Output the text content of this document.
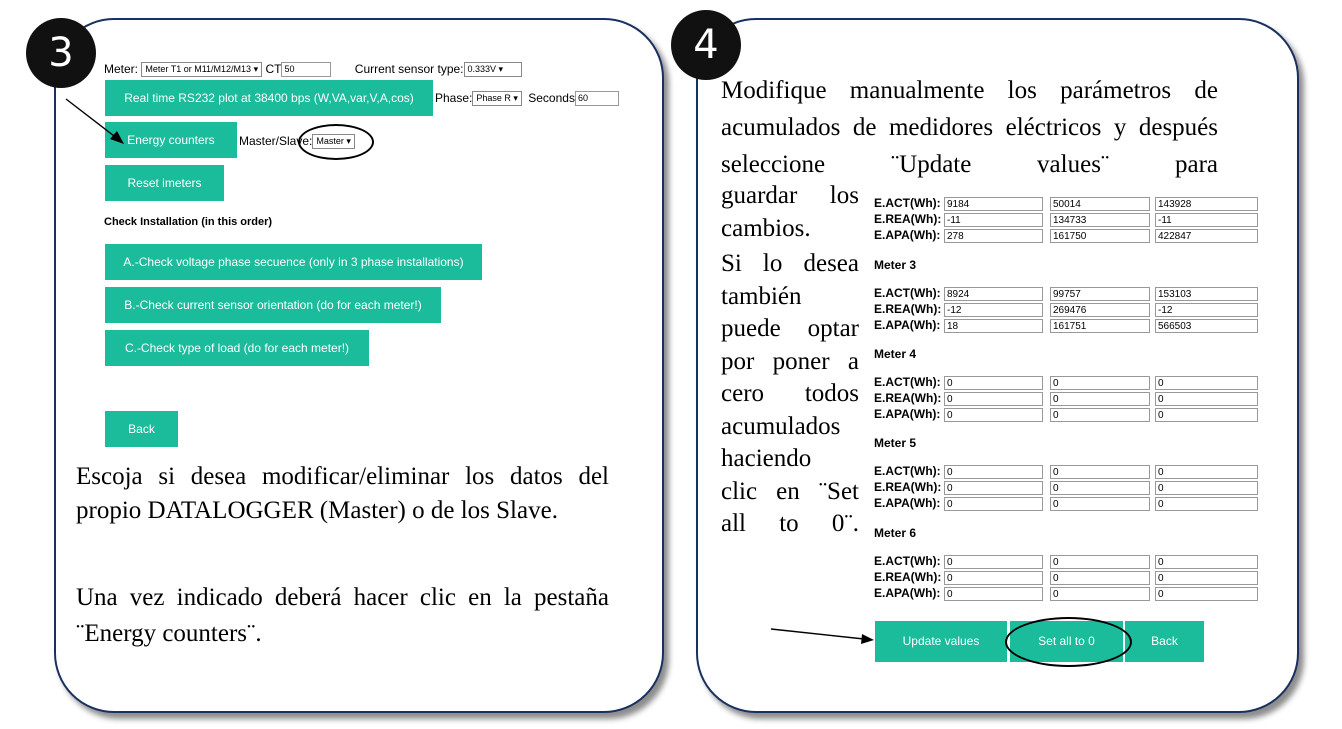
3	Meter: Meter T1 or M11/M12/M13 ▾ CT 50	Current sensor type: 0.333V ▾
Real time RS232 plot at 38400 bps (W,VA,var,V,A,cos)	Phase: Phase R ▾ Seconds 60
Energy counters	Master/Slave: Master ▾
Reset imeters
Check Installation (in this order)
A.-Check voltage phase secuence (only in 3 phase installations)
B.-Check current sensor orientation (do for each meter!)
C.-Check type of load (do for each meter!)
Back
Escoja si desea modificar/eliminar los datos del propio DATALOGGER (Master) o de los Slave.
Una vez indicado deberá hacer clic en la pestaña ¨Energy counters¨.
4
Modifique manualmente los parámetros de acumulados de medidores eléctricos y después seleccione ¨Update values¨ para
guardar los
cambios.
Si lo desea
también
puede optar
por poner a
cero todos
acumulados
haciendo
clic en ¨Set
all to 0¨.
E.ACT(Wh): 9184	50014	143928
E.REA(Wh): -11	134733	-11
E.APA(Wh): 278	161750	422847
Meter 3
E.ACT(Wh): 8924	99757	153103
E.REA(Wh): -12	269476	-12
E.APA(Wh): 18	161751	566503
Meter 4
E.ACT(Wh): 0	0	0
E.REA(Wh): 0	0	0
E.APA(Wh): 0	0	0
Meter 5
E.ACT(Wh): 0	0	0
E.REA(Wh): 0	0	0
E.APA(Wh): 0	0	0
Meter 6
E.ACT(Wh): 0	0	0
E.REA(Wh): 0	0	0
E.APA(Wh): 0	0	0
Update values	Set all to 0	Back
